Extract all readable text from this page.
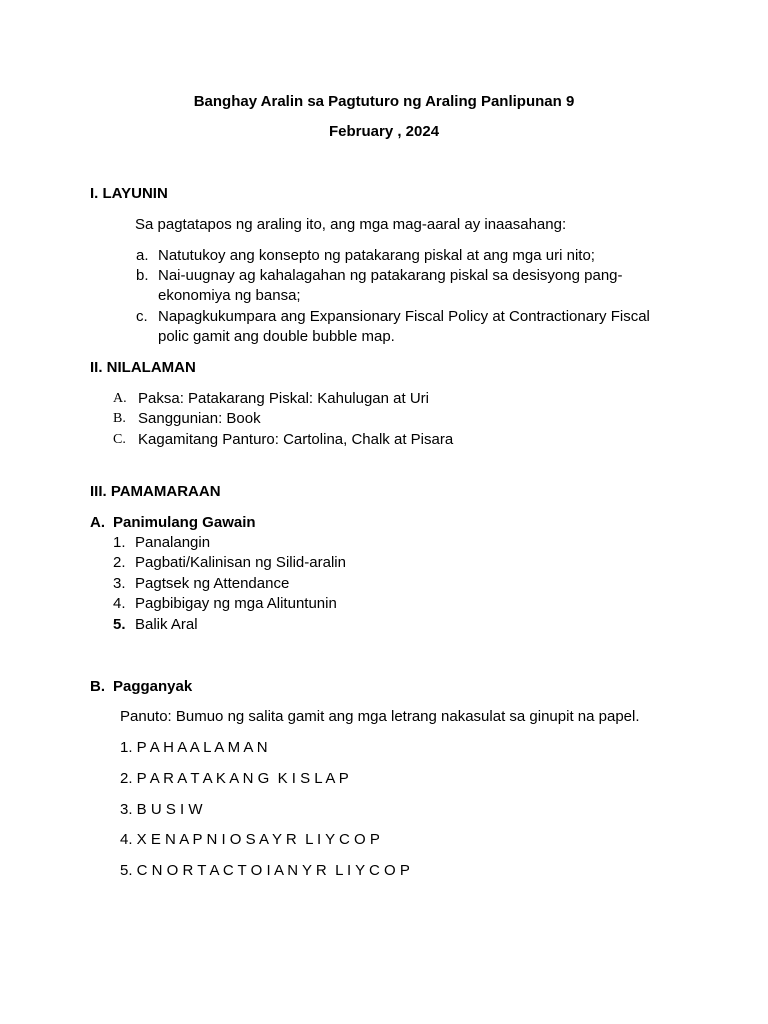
Banghay Aralin sa Pagtuturo ng Araling Panlipunan 9
February , 2024
I. LAYUNIN
Sa pagtatapos ng araling ito, ang mga mag-aaral ay inaasahang:
a. Natutukoy ang konsepto ng patakarang piskal at ang mga uri nito;
b. Nai-uugnay ag kahalagahan ng patakarang piskal sa desisyong pang-
ekonomiya ng bansa;
c. Napagkukumpara ang Expansionary Fiscal Policy at Contractionary Fiscal
polic gamit ang double bubble map.
II. NILALAMAN
A. Paksa: Patakarang Piskal: Kahulugan at Uri
B. Sanggunian: Book
C. Kagamitang Panturo: Cartolina, Chalk at Pisara
III. PAMAMARAAN
A. Panimulang Gawain
1. Panalangin
2. Pagbati/Kalinisan ng Silid-aralin
3. Pagtsek ng Attendance
4. Pagbibigay ng mga Alituntunin
5. Balik Aral
B. Pagganyak
Panuto: Bumuo ng salita gamit ang mga letrang nakasulat sa ginupit na papel.
1. P A H A A L A M A N
2. P A R A T A K A N G  K I S L A P
3. B U S I W
4. X E N A P N I O S A Y R  L I Y C O P
5. C N O R T A C T O I A N Y R  L I Y C O P
